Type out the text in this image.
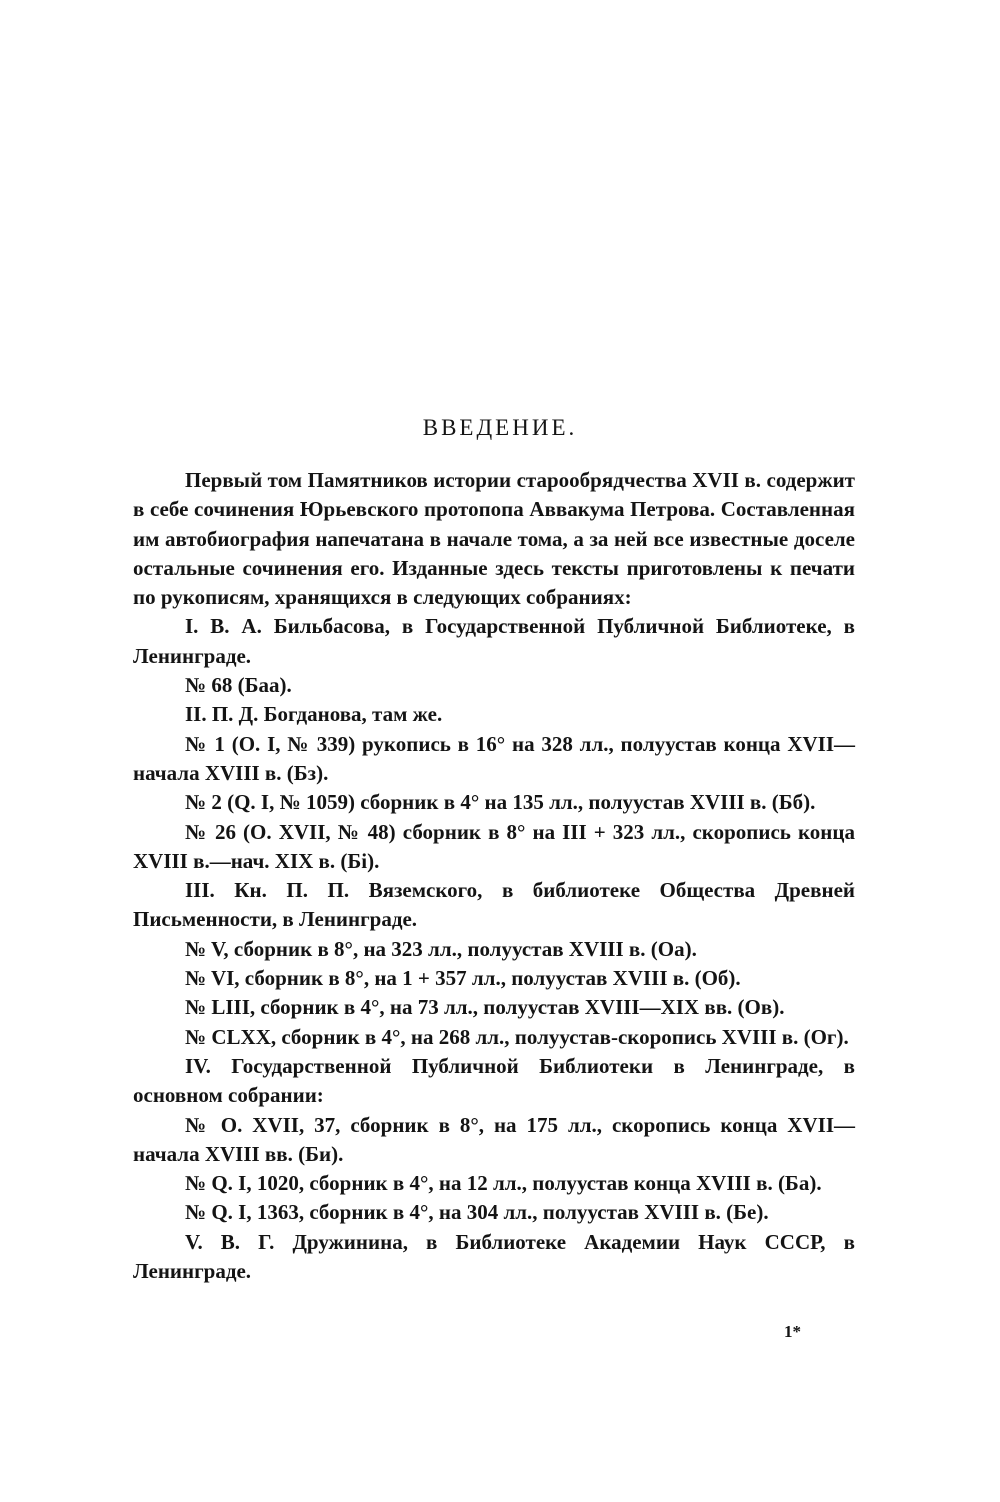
ВВЕДЕНИЕ.

Первый том Памятников истории старообрядчества XVII в. содержит в себе сочинения Юрьевского протопопа Аввакума Петрова. Составленная им автобиография напечатана в начале тома, а за ней все известные доселе остальные сочинения его. Изданные здесь тексты приготовлены к печати по рукописям, хранящихся в следующих собраниях:

I. В. А. Бильбасова, в Государственной Публичной Библиотеке, в Ленинграде.

№ 68 (Баа).

II. П. Д. Богданова, там же.

№ 1 (О. I, № 339) рукопись в 16° на 328 лл., полуустав конца XVII—начала XVIII в. (Бз).

№ 2 (Q. I, № 1059) сборник в 4° на 135 лл., полуустав XVIII в. (Бб).

№ 26 (О. XVII, № 48) сборник в 8° на III + 323 лл., скоропись конца XVIII в.—нач. XIX в. (Бі).

III. Кн. П. П. Вяземского, в библиотеке Общества Древней Письменности, в Ленинграде.

№ V, сборник в 8°, на 323 лл., полуустав XVIII в. (Оа).

№ VI, сборник в 8°, на 1 + 357 лл., полуустав XVIII в. (Об).

№ LIII, сборник в 4°, на 73 лл., полуустав XVIII—XIX вв. (Ов).

№ CLXX, сборник в 4°, на 268 лл., полуустав-скоропись XVIII в. (Ог).

IV. Государственной Публичной Библиотеки в Ленинграде, в основном собрании:

№ О. XVII, 37, сборник в 8°, на 175 лл., скоропись конца XVII—начала XVIII вв. (Би).

№ Q. I, 1020, сборник в 4°, на 12 лл., полуустав конца XVIII в. (Ба).

№ Q. I, 1363, сборник в 4°, на 304 лл., полуустав XVIII в. (Бе).

V. В. Г. Дружинина, в Библиотеке Академии Наук СССР, в Ленинграде.

1*
